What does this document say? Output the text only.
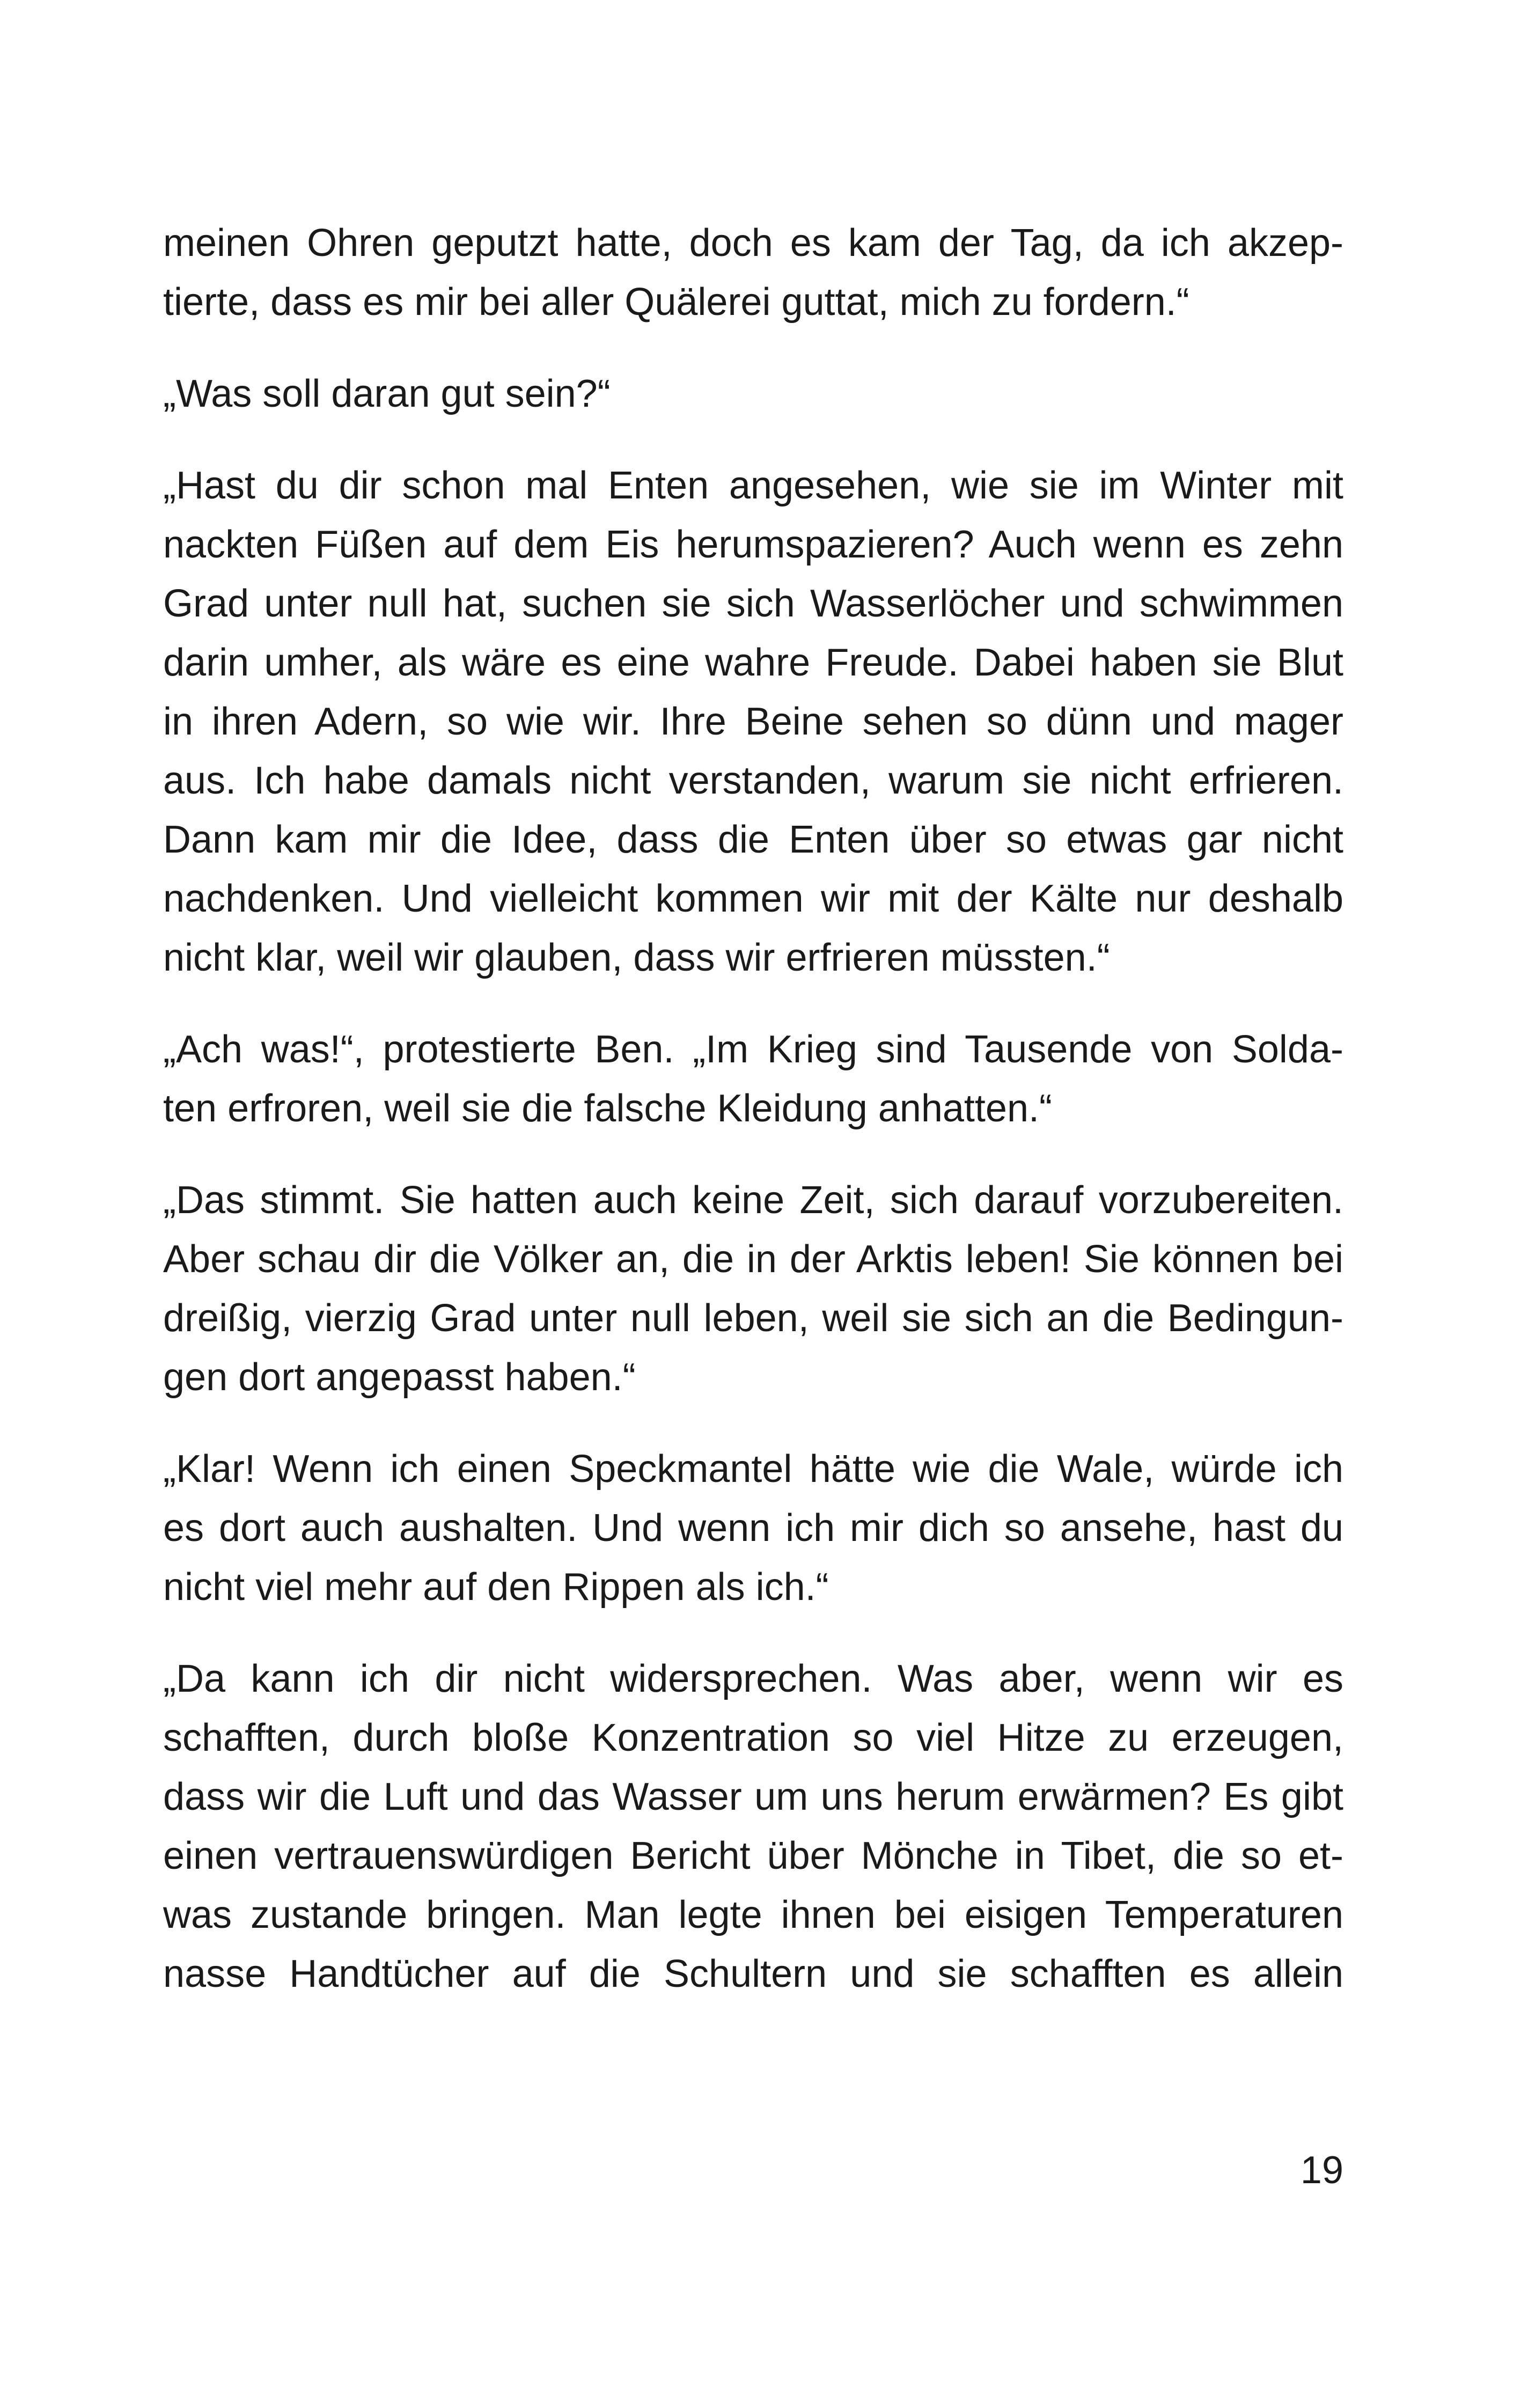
meinen Ohren geputzt hatte, doch es kam der Tag, da ich akzep-
tierte, dass es mir bei aller Quälerei guttat, mich zu fordern.“

„Was soll daran gut sein?“

„Hast du dir schon mal Enten angesehen, wie sie im Winter mit
nackten Füßen auf dem Eis herumspazieren? Auch wenn es zehn
Grad unter null hat, suchen sie sich Wasserlöcher und schwimmen
darin umher, als wäre es eine wahre Freude. Dabei haben sie Blut
in ihren Adern, so wie wir. Ihre Beine sehen so dünn und mager
aus. Ich habe damals nicht verstanden, warum sie nicht erfrieren.
Dann kam mir die Idee, dass die Enten über so etwas gar nicht
nachdenken. Und vielleicht kommen wir mit der Kälte nur deshalb
nicht klar, weil wir glauben, dass wir erfrieren müssten.“

„Ach was!“, protestierte Ben. „Im Krieg sind Tausende von Solda-
ten erfroren, weil sie die falsche Kleidung anhatten.“

„Das stimmt. Sie hatten auch keine Zeit, sich darauf vorzubereiten.
Aber schau dir die Völker an, die in der Arktis leben! Sie können bei
dreißig, vierzig Grad unter null leben, weil sie sich an die Bedingun-
gen dort angepasst haben.“

„Klar! Wenn ich einen Speckmantel hätte wie die Wale, würde ich
es dort auch aushalten. Und wenn ich mir dich so ansehe, hast du
nicht viel mehr auf den Rippen als ich.“

„Da kann ich dir nicht widersprechen. Was aber, wenn wir es
schafften, durch bloße Konzentration so viel Hitze zu erzeugen,
dass wir die Luft und das Wasser um uns herum erwärmen? Es gibt
einen vertrauenswürdigen Bericht über Mönche in Tibet, die so et-
was zustande bringen. Man legte ihnen bei eisigen Temperaturen
nasse Handtücher auf die Schultern und sie schafften es allein

19
